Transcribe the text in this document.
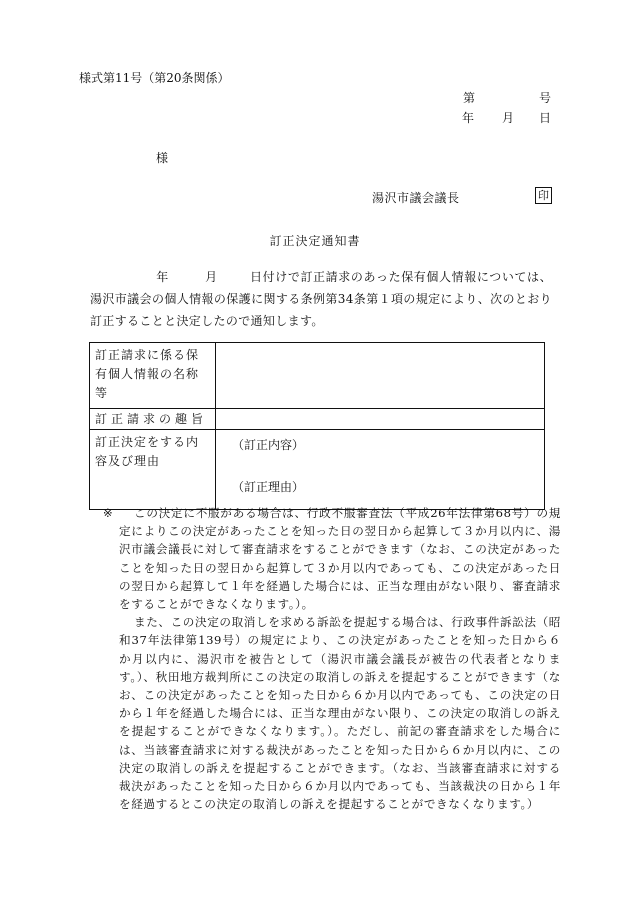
様式第11号（第20条関係）
第	号
年 月 日
様
湯沢市議会議長	印
訂正決定通知書
年	月	日付けで訂正請求のあった保有個人情報については、湯沢市議会の個人情報の保護に関する条例第34条第１項の規定により、次のとおり訂正することと決定したので通知します。
訂正請求に係る保有個人情報の名称等	
訂正請求の趣旨	
訂正決定をする内容及び理由	（訂正内容）
（訂正理由）
※	この決定に不服がある場合は、行政不服審査法（平成26年法律第68号）の規定によりこの決定があったことを知った日の翌日から起算して３か月以内に、湯沢市議会議長に対して審査請求をすることができます（なお、この決定があったことを知った日の翌日から起算して３か月以内であっても、この決定があった日の翌日から起算して１年を経過した場合には、正当な理由がない限り、審査請求をすることができなくなります。）。

また、この決定の取消しを求める訴訟を提起する場合は、行政事件訴訟法（昭和37年法律第139号）の規定により、この決定があったことを知った日から６か月以内に、湯沢市を被告として（湯沢市議会議長が被告の代表者となります。）、秋田地方裁判所にこの決定の取消しの訴えを提起することができます（なお、この決定があったことを知った日から６か月以内であっても、この決定の日から１年を経過した場合には、正当な理由がない限り、この決定の取消しの訴えを提起することができなくなります。）。ただし、前記の審査請求をした場合には、当該審査請求に対する裁決があったことを知った日から６か月以内に、この決定の取消しの訴えを提起することができます。（なお、当該審査請求に対する裁決があったことを知った日から６か月以内であっても、当該裁決の日から１年を経過するとこの決定の取消しの訴えを提起することができなくなります。）
